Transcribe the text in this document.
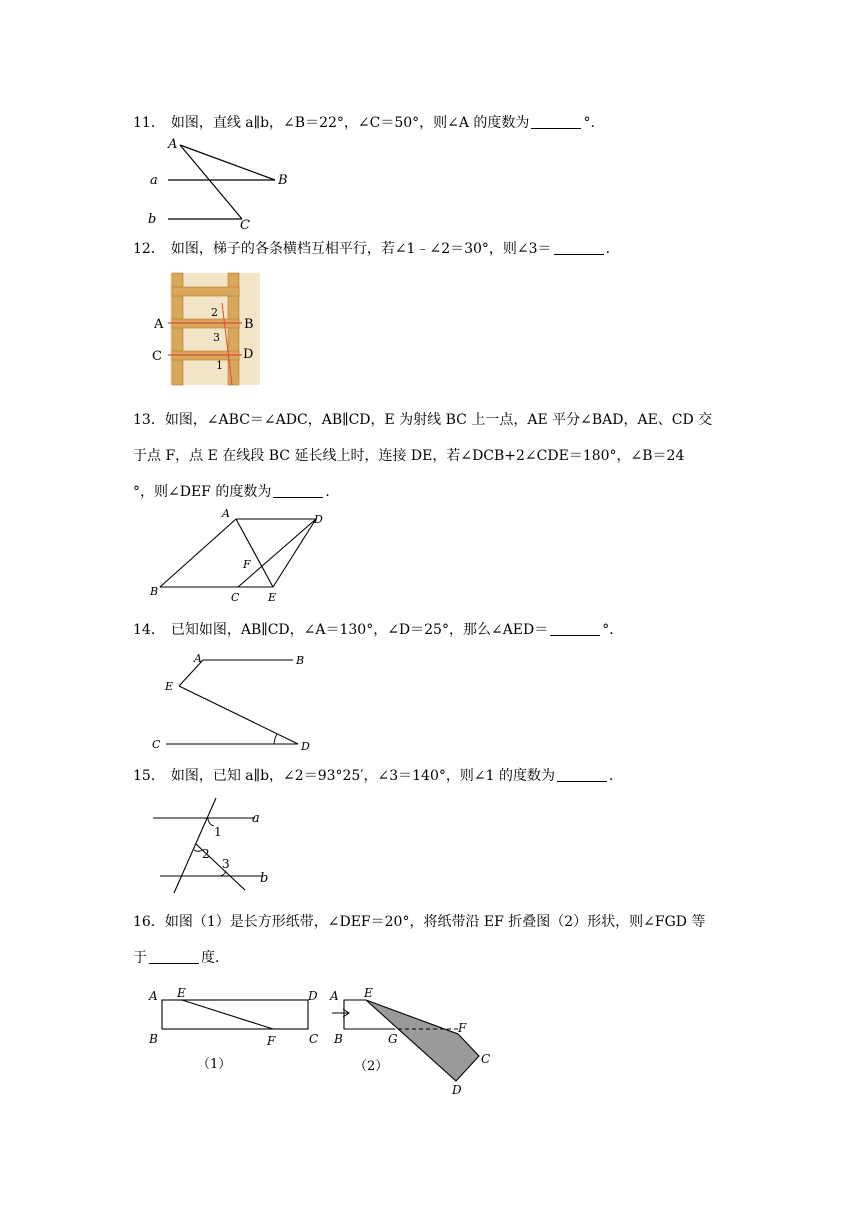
11． 如图，直线 a∥b，∠B＝22°，∠C＝50°，则∠A 的度数为	°．
A
B
C
a
b
12． 如图，梯子的各条横档互相平行，若∠1﹣∠2＝30°，则∠3＝	．
A	B
C	D
2
3
1
13．如图，∠ABC＝∠ADC，AB∥CD，E 为射线 BC 上一点，AE 平分∠BAD，AE、CD 交
于点 F，点 E 在线段 BC 延长线上时，连接 DE，若∠DCB+2∠CDE＝180°，∠B＝24
°，则∠DEF 的度数为	．
A	D
B	C	E
F
14． 已知如图，AB∥CD，∠A＝130°，∠D＝25°，那么∠AED＝	°．
A	B
E
C	D
15． 如图，已知 a∥b，∠2＝93°25′，∠3＝140°，则∠1 的度数为	．
1
2
3
a
b
16．如图（1）是长方形纸带，∠DEF＝20°，将纸带沿 EF 折叠图（2）形状，则∠FGD 等
于	度．
A E	D
B	F	C
（1）
A E
F
B	G
C
D
（2）
